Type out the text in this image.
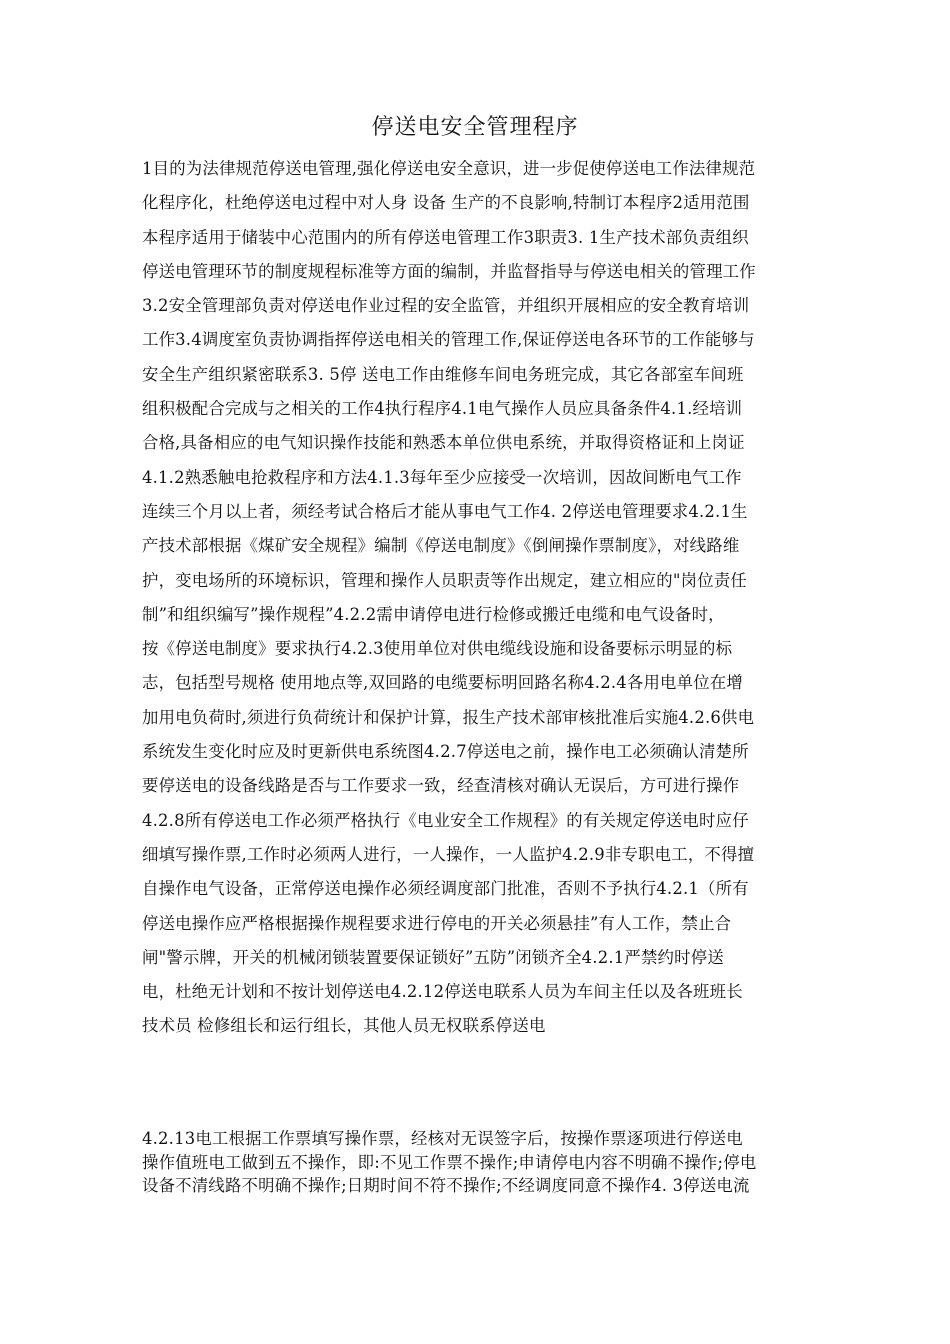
停送电安全管理程序
1目的为法律规范停送电管理,强化停送电安全意识，进一步促使停送电工作法律规范
化程序化，杜绝停送电过程中对人身 设备 生产的不良影响,特制订本程序2适用范围
本程序适用于储装中心范围内的所有停送电管理工作3职责3. 1生产技术部负责组织
停送电管理环节的制度规程标准等方面的编制，并监督指导与停送电相关的管理工作
3.2安全管理部负责对停送电作业过程的安全监管，并组织开展相应的安全教育培训
工作3.4调度室负责协调指挥停送电相关的管理工作,保证停送电各环节的工作能够与
安全生产组织紧密联系3. 5停 送电工作由维修车间电务班完成，其它各部室车间班
组积极配合完成与之相关的工作4执行程序4.1电气操作人员应具备条件4.1.经培训
合格,具备相应的电气知识操作技能和熟悉本单位供电系统，并取得资格证和上岗证
4.1.2熟悉触电抢救程序和方法4.1.3每年至少应接受一次培训，因故间断电气工作
连续三个月以上者，须经考试合格后才能从事电气工作4. 2停送电管理要求4.2.1生
产技术部根据《煤矿安全规程》编制《停送电制度》《倒闸操作票制度》，对线路维
护，变电场所的环境标识，管理和操作人员职责等作出规定，建立相应的"岗位责任
制”和组织编写”操作规程”4.2.2需申请停电进行检修或搬迁电缆和电气设备时，
按《停送电制度》要求执行4.2.3使用单位对供电缆线设施和设备要标示明显的标
志，包括型号规格 使用地点等,双回路的电缆要标明回路名称4.2.4各用电单位在增
加用电负荷时,须进行负荷统计和保护计算，报生产技术部审核批准后实施4.2.6供电
系统发生变化时应及时更新供电系统图4.2.7停送电之前，操作电工必须确认清楚所
要停送电的设备线路是否与工作要求一致，经查清核对确认无误后，方可进行操作
4.2.8所有停送电工作必须严格执行《电业安全工作规程》的有关规定停送电时应仔
细填写操作票,工作时必须两人进行，一人操作，一人监护4.2.9非专职电工，不得擅
自操作电气设备，正常停送电操作必须经调度部门批准，否则不予执行4.2.1（所有
停送电操作应严格根据操作规程要求进行停电的开关必须悬挂”有人工作，禁止合
闸"警示牌，开关的机械闭锁装置要保证锁好”五防”闭锁齐全4.2.1严禁约时停送
电，杜绝无计划和不按计划停送电4.2.12停送电联系人员为车间主任以及各班班长
技术员 检修组长和运行组长，其他人员无权联系停送电
4.2.13电工根据工作票填写操作票，经核对无误签字后，按操作票逐项进行停送电
操作值班电工做到五不操作，即:不见工作票不操作;申请停电内容不明确不操作;停电
设备不清线路不明确不操作;日期时间不符不操作;不经调度同意不操作4. 3停送电流
